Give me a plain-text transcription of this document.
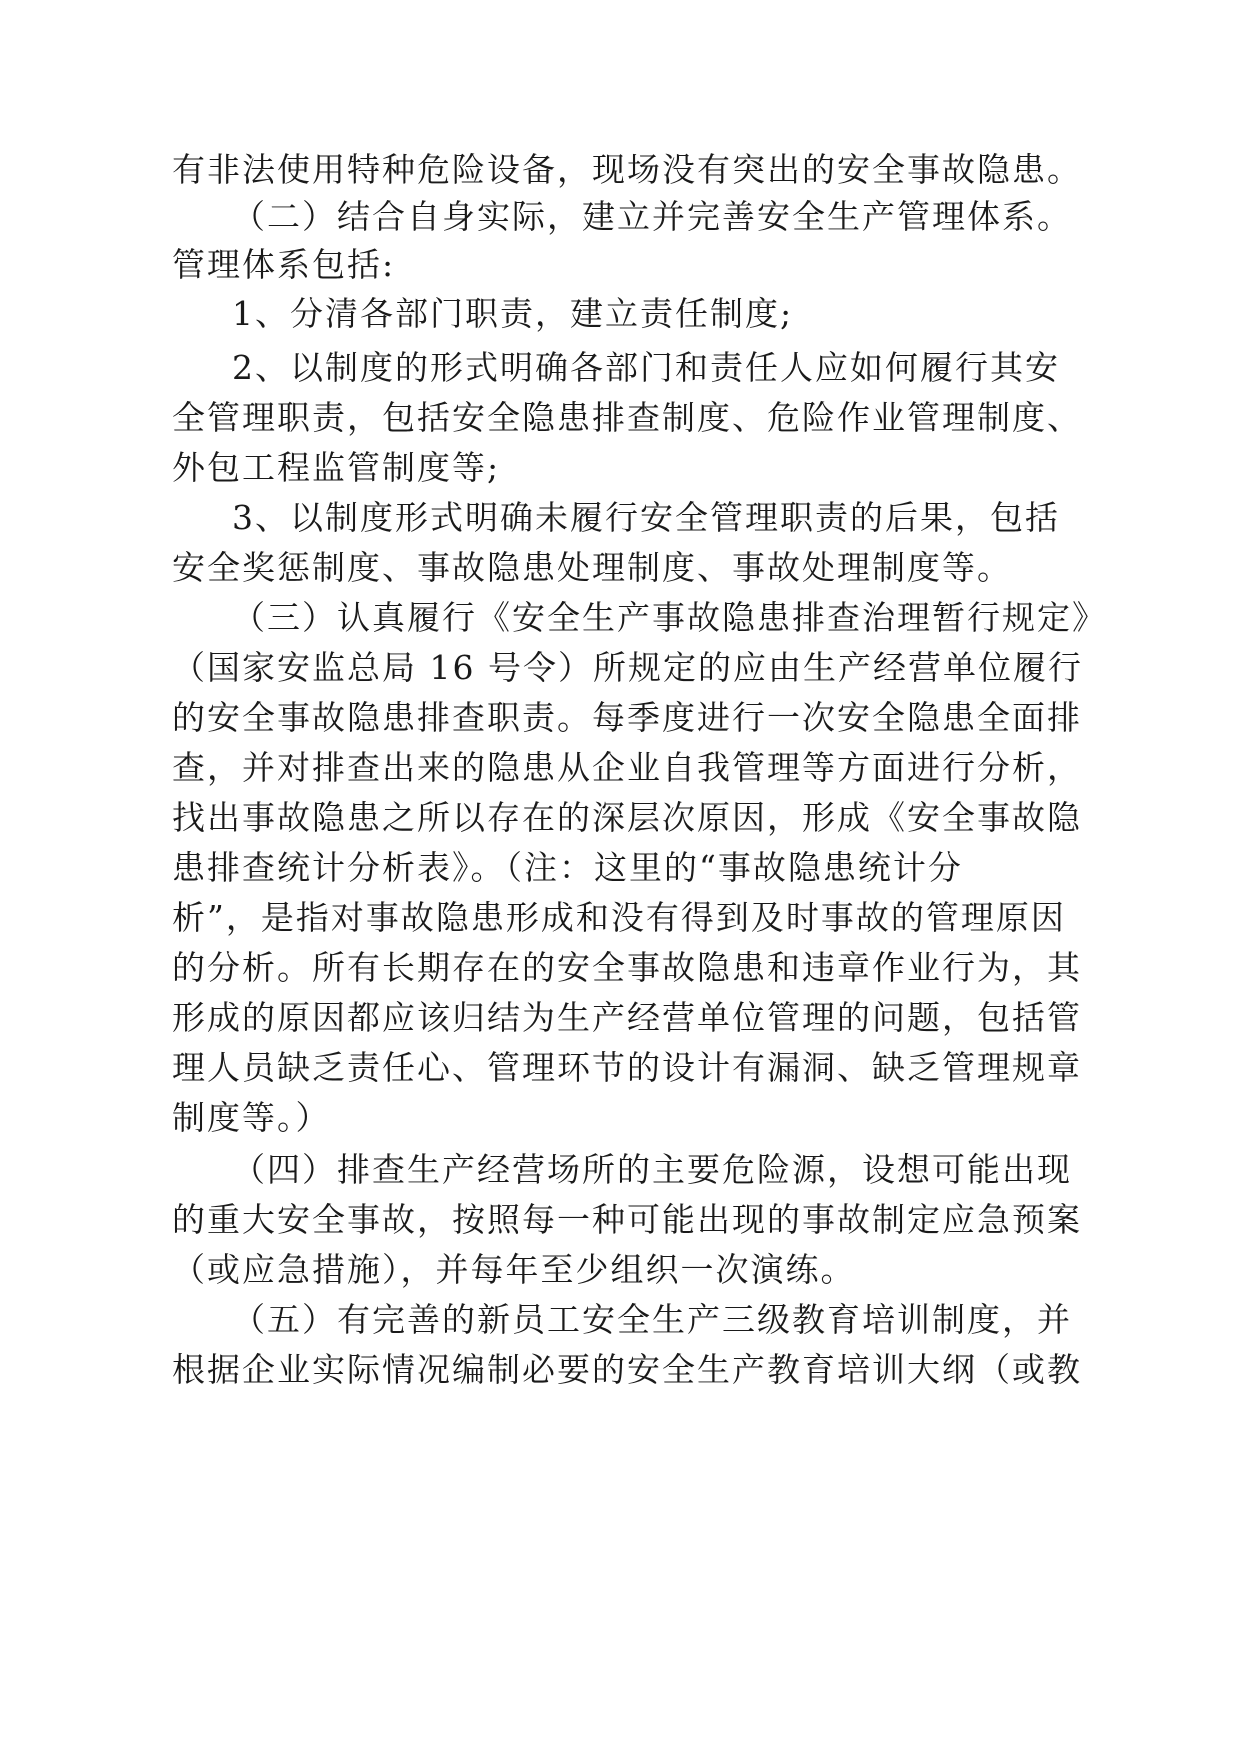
有非法使用特种危险设备，现场没有突出的安全事故隐患。
（二）结合自身实际，建立并完善安全生产管理体系。
管理体系包括:
1、分清各部门职责，建立责任制度;
2、以制度的形式明确各部门和责任人应如何履行其安
全管理职责，包括安全隐患排查制度、危险作业管理制度、
外包工程监管制度等;
3、以制度形式明确未履行安全管理职责的后果，包括
安全奖惩制度、事故隐患处理制度、事故处理制度等。
（三）认真履行《安全生产事故隐患排查治理暂行规定》
（国家安监总局 16 号令）所规定的应由生产经营单位履行
的安全事故隐患排查职责。每季度进行一次安全隐患全面排
查，并对排查出来的隐患从企业自我管理等方面进行分析，
找出事故隐患之所以存在的深层次原因，形成《安全事故隐
患排查统计分析表》。（注：这里的“事故隐患统计分
析”，是指对事故隐患形成和没有得到及时事故的管理原因
的分析。所有长期存在的安全事故隐患和违章作业行为，其
形成的原因都应该归结为生产经营单位管理的问题，包括管
理人员缺乏责任心、管理环节的设计有漏洞、缺乏管理规章
制度等。）
（四）排查生产经营场所的主要危险源，设想可能出现
的重大安全事故，按照每一种可能出现的事故制定应急预案
（或应急措施），并每年至少组织一次演练。
（五）有完善的新员工安全生产三级教育培训制度，并
根据企业实际情况编制必要的安全生产教育培训大纲（或教
